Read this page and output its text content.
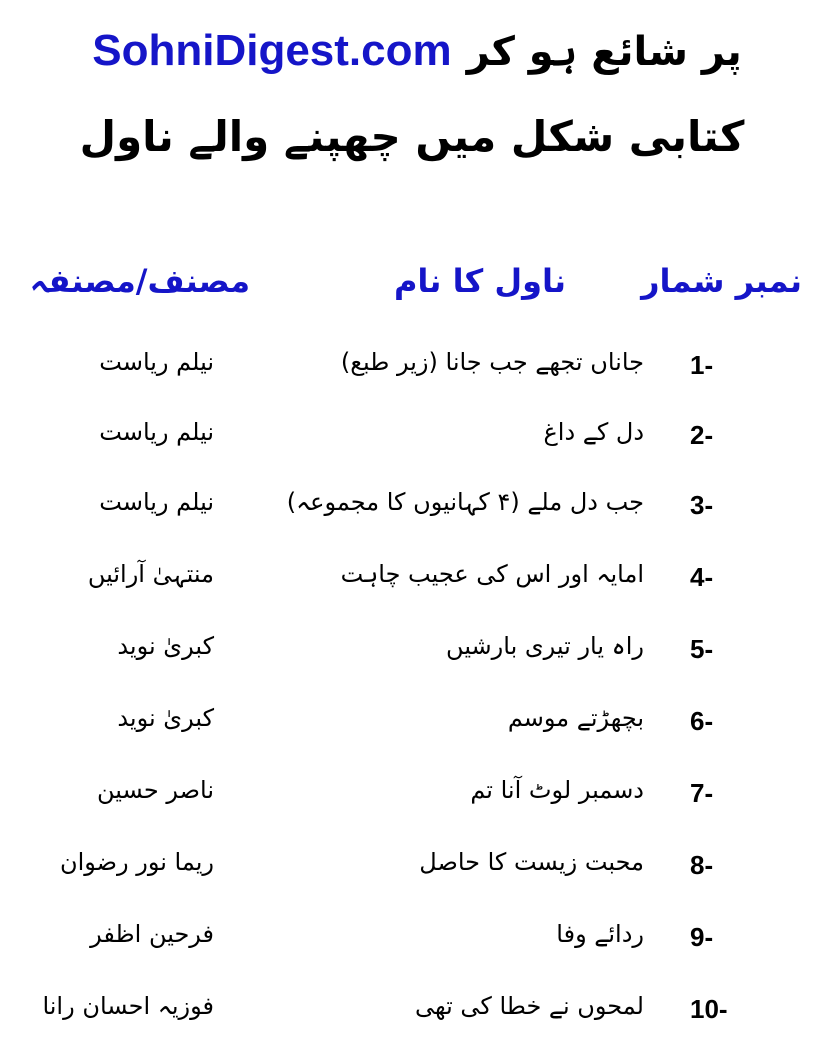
پر شائع ہو کر SohniDigest.com
کتابی شکل میں چھپنے والے ناول
نمبر شمار
ناول کا نام
مصنف/مصنفہ
1-
جاناں تجھے جب جانا (زیر طبع)
نیلم ریاست
2-
دل کے داغ
نیلم ریاست
3-
جب دل ملے (۴ کہانیوں کا مجموعہ)
نیلم ریاست
4-
امایہ اور اس کی عجیب چاہت
منتہیٰ آرائیں
5-
راہ یار تیری بارشیں
کبریٰ نوید
6-
بچھڑتے موسم
کبریٰ نوید
7-
دسمبر لوٹ آنا تم
ناصر حسین
8-
محبت زیست کا حاصل
ریما نور رضوان
9-
ردائے وفا
فرحین اظفر
10-
لمحوں نے خطا کی تھی
فوزیہ احسان رانا
